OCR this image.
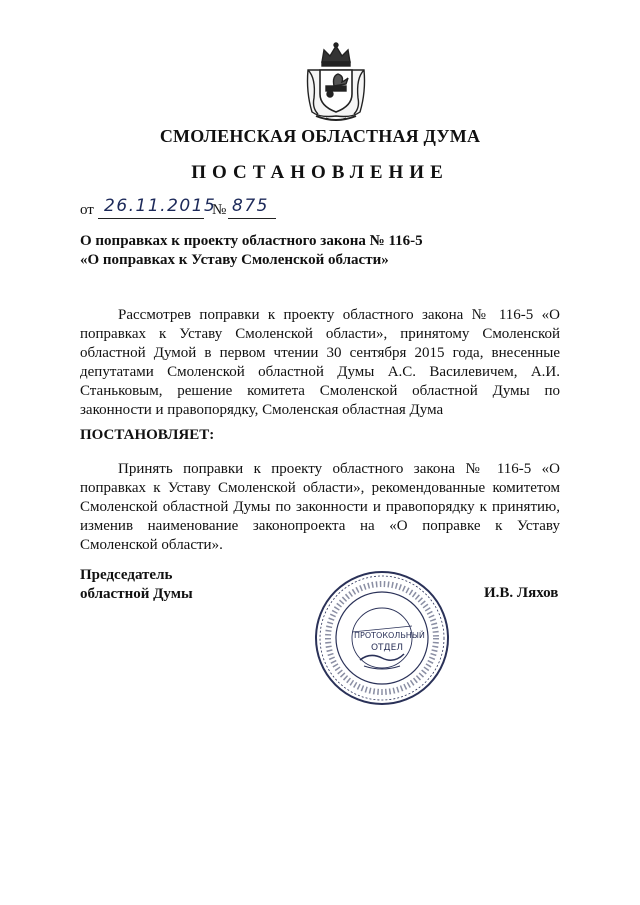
СМОЛЕНСКАЯ ОБЛАСТНАЯ ДУМА
ПОСТАНОВЛЕНИЕ
от 26.11.2015
№ 875
О поправках к проекту областного закона № 116-5
«О поправках к Уставу Смоленской области»
Рассмотрев поправки к проекту областного закона № 116-5 «О поправках к Уставу Смоленской области», принятому Смоленской областной Думой в первом чтении 30 сентября 2015 года, внесенные депутатами Смоленской областной Думы А.С. Василевичем, А.И. Станьковым, решение комитета Смоленской областной Думы по законности и правопорядку, Смоленская областная Дума
ПОСТАНОВЛЯЕТ:
Принять поправки к проекту областного закона № 116-5 «О поправках к Уставу Смоленской области», рекомендованные комитетом Смоленской областной Думы по законности и правопорядку к принятию, изменив наименование законопроекта на «О поправке к Уставу Смоленской области».
Председатель
областной Думы
ПРОТОКОЛЬНЫЙ
ОТДЕЛ
И.В. Ляхов
